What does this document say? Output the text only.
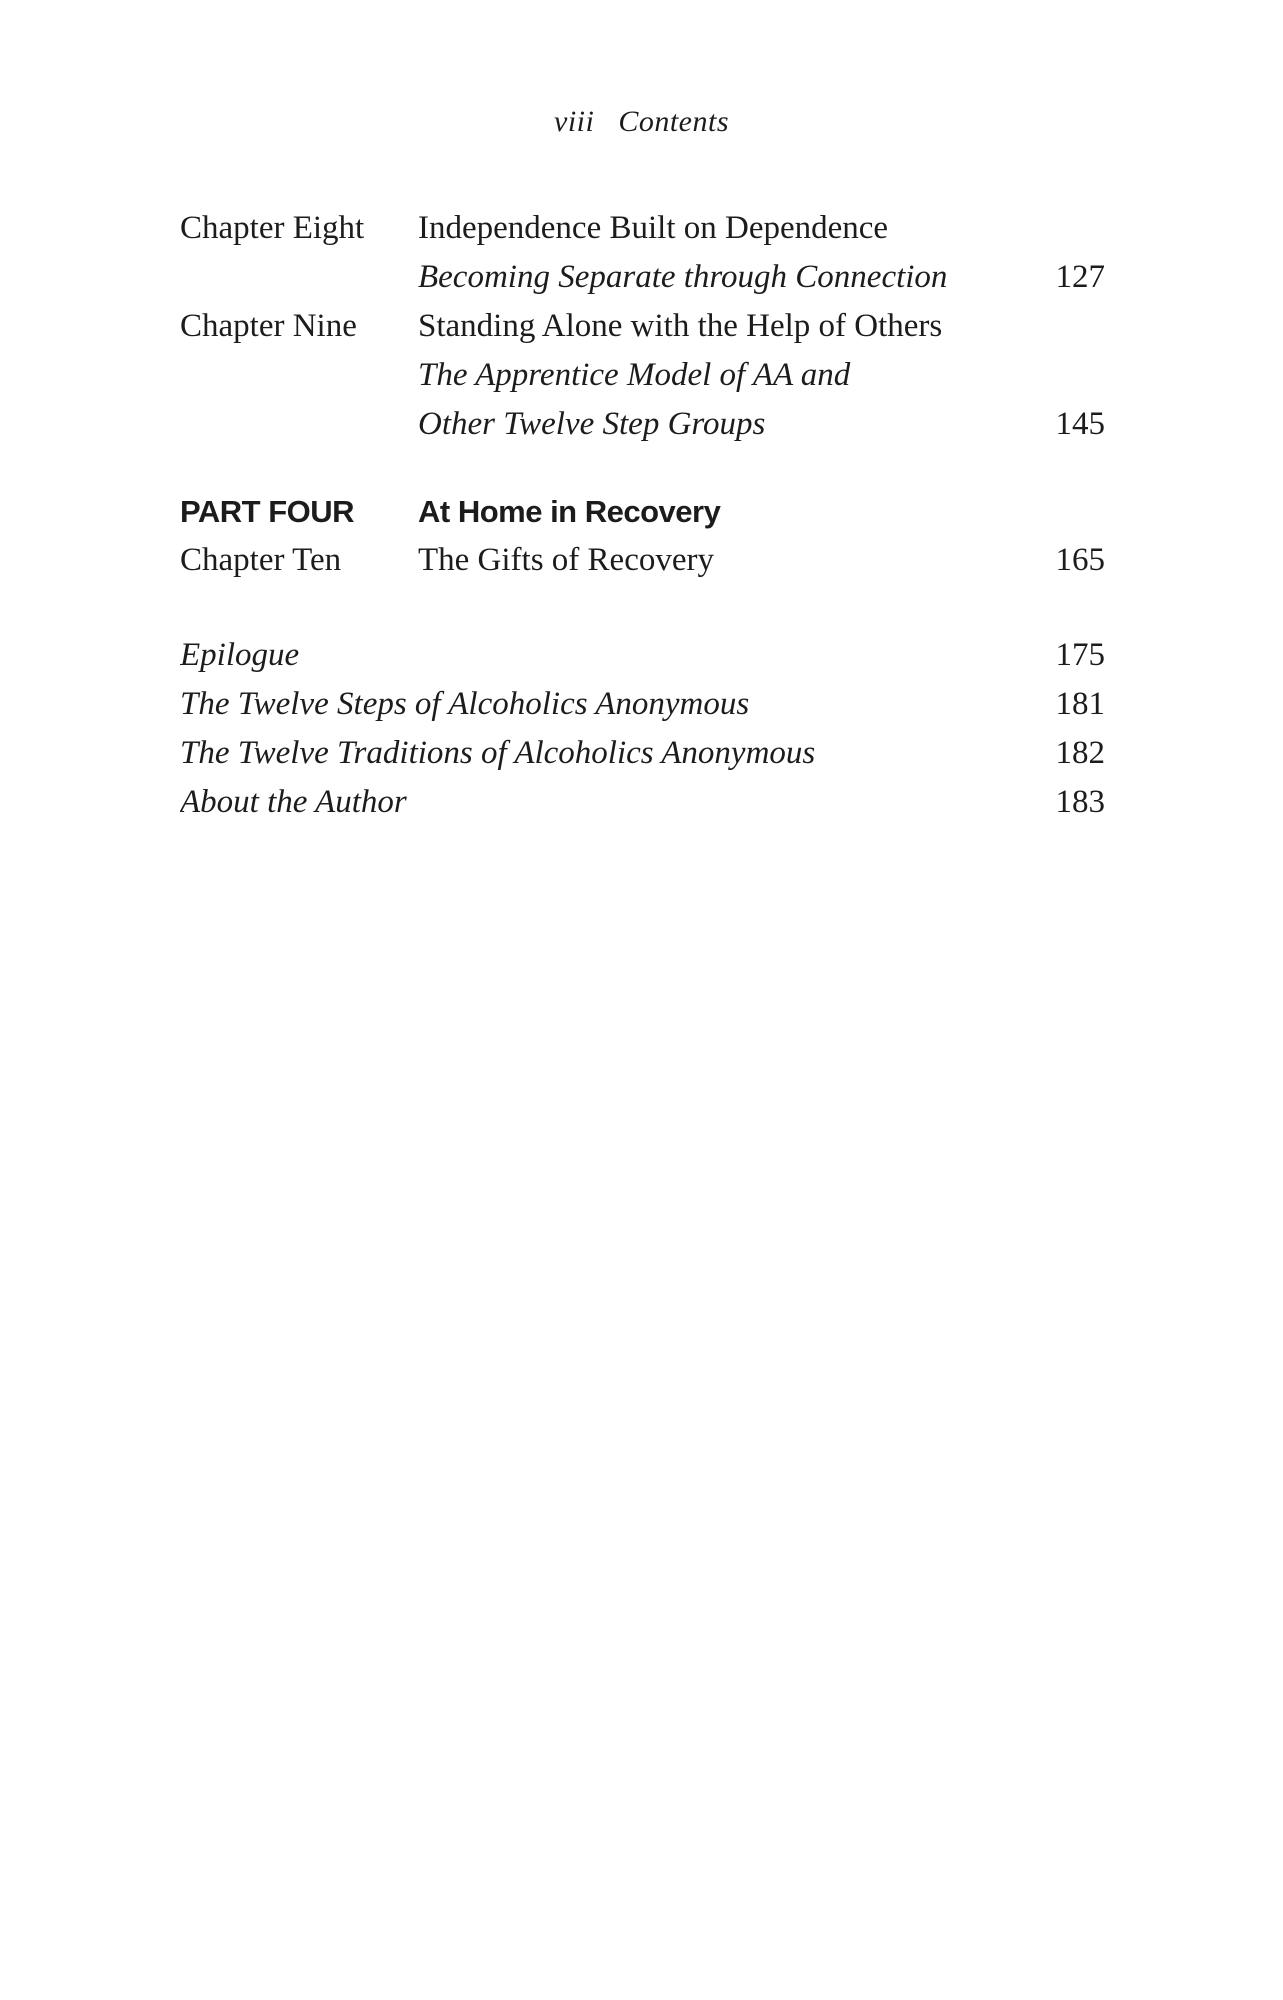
viii Contents
Chapter Eight	Independence Built on Dependence
Becoming Separate through Connection	127
Chapter Nine	Standing Alone with the Help of Others
The Apprentice Model of AA and
Other Twelve Step Groups	145
PART FOUR	At Home in Recovery
Chapter Ten	The Gifts of Recovery	165
Epilogue	175
The Twelve Steps of Alcoholics Anonymous	181
The Twelve Traditions of Alcoholics Anonymous	182
About the Author	183
